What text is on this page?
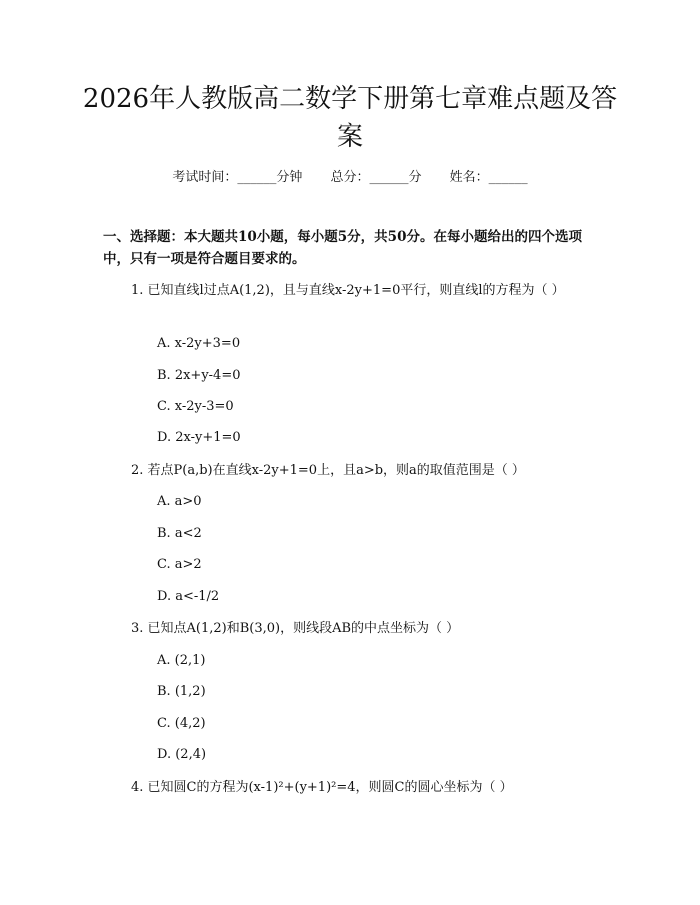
2026年人教版高二数学下册第七章难点题及答案
考试时间：______分钟 总分：______分 姓名：______
一、选择题：本大题共10小题，每小题5分，共50分。在每小题给出的四个选项中，只有一项是符合题目要求的。
1. 已知直线l过点A(1,2)，且与直线x-2y+1=0平行，则直线l的方程为（ ）
A. x-2y+3=0
B. 2x+y-4=0
C. x-2y-3=0
D. 2x-y+1=0
2. 若点P(a,b)在直线x-2y+1=0上，且a>b，则a的取值范围是（ ）
A. a>0
B. a<2
C. a>2
D. a<-1/2
3. 已知点A(1,2)和B(3,0)，则线段AB的中点坐标为（ ）
A. (2,1)
B. (1,2)
C. (4,2)
D. (2,4)
4. 已知圆C的方程为(x-1)²+(y+1)²=4，则圆C的圆心坐标为（ ）
